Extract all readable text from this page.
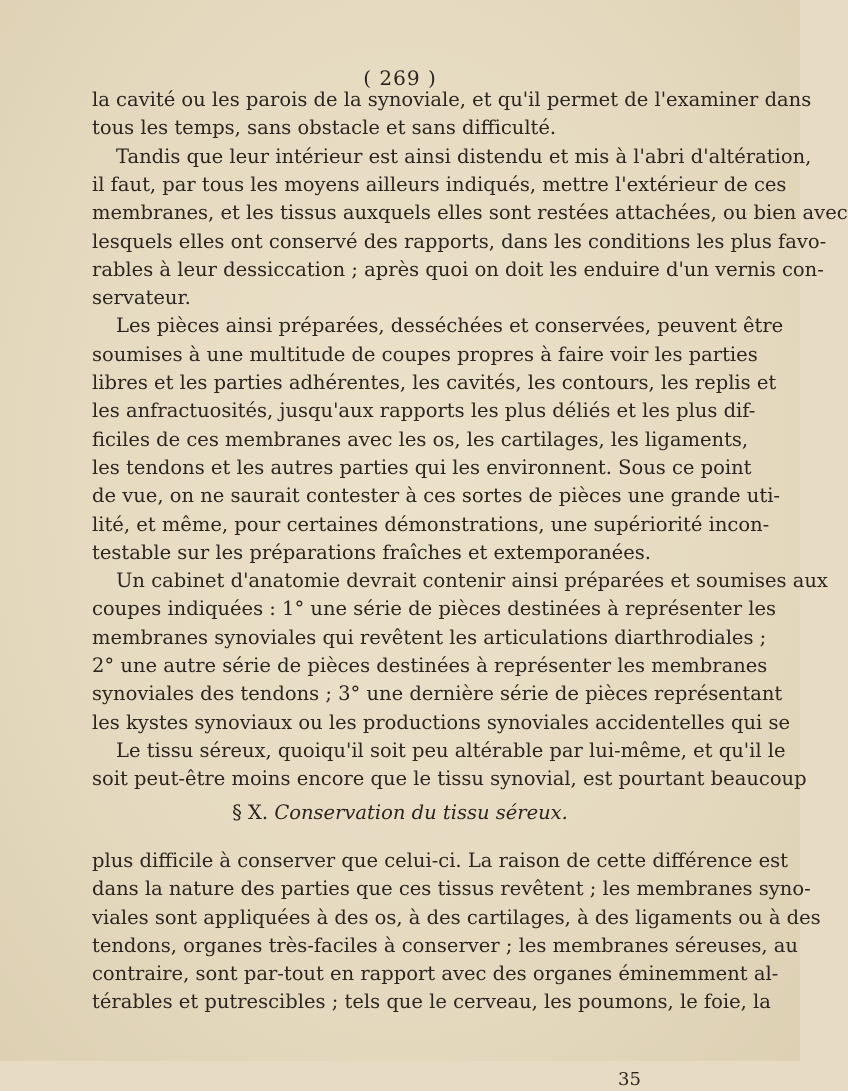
( 269 )
la cavité ou les parois de la synoviale, et qu'il permet de l'examiner dans
tous les temps, sans obstacle et sans difficulté.
Tandis que leur intérieur est ainsi distendu et mis à l'abri d'altération,
il faut, par tous les moyens ailleurs indiqués, mettre l'extérieur de ces
membranes, et les tissus auxquels elles sont restées attachées, ou bien avec
lesquels elles ont conservé des rapports, dans les conditions les plus favo-
rables à leur dessiccation ; après quoi on doit les enduire d'un vernis con-
servateur.
Les pièces ainsi préparées, desséchées et conservées, peuvent être
soumises à une multitude de coupes propres à faire voir les parties
libres et les parties adhérentes, les cavités, les contours, les replis et
les anfractuosités, jusqu'aux rapports les plus déliés et les plus dif-
ficiles de ces membranes avec les os, les cartilages, les ligaments,
les tendons et les autres parties qui les environnent. Sous ce point
de vue, on ne saurait contester à ces sortes de pièces une grande uti-
lité, et même, pour certaines démonstrations, une supériorité incon-
testable sur les préparations fraîches et extemporanées.
Un cabinet d'anatomie devrait contenir ainsi préparées et soumises aux
coupes indiquées : 1° une série de pièces destinées à représenter les
membranes synoviales qui revêtent les articulations diarthrodiales ;
2° une autre série de pièces destinées à représenter les membranes
synoviales des tendons ; 3° une dernière série de pièces représentant
les kystes synoviaux ou les productions synoviales accidentelles qui se
§ X. Conservation du tissu séreux.
Le tissu séreux, quoiqu'il soit peu altérable par lui-même, et qu'il le
soit peut-être moins encore que le tissu synovial, est pourtant beaucoup
plus difficile à conserver que celui-ci. La raison de cette différence est
dans la nature des parties que ces tissus revêtent ; les membranes syno-
viales sont appliquées à des os, à des cartilages, à des ligaments ou à des
tendons, organes très-faciles à conserver ; les membranes séreuses, au
contraire, sont par-tout en rapport avec des organes éminemment al-
térables et putrescibles ; tels que le cerveau, les poumons, le foie, la
35
